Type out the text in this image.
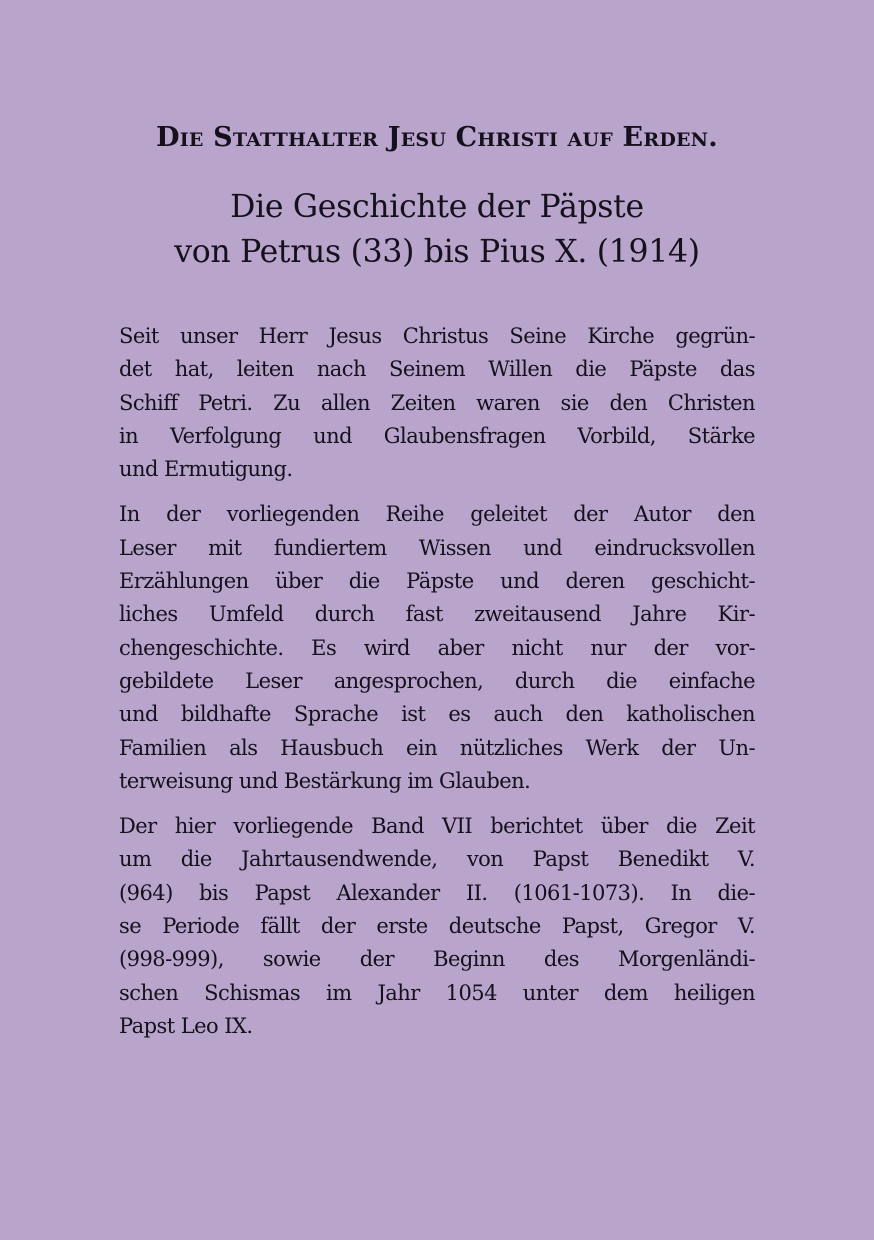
Die Statthalter Jesu Christi auf Erden.
Die Geschichte der Päpste
von Petrus (33) bis Pius X. (1914)

Seit unser Herr Jesus Christus Seine Kirche gegrün-
det hat, leiten nach Seinem Willen die Päpste das
Schiff Petri. Zu allen Zeiten waren sie den Christen
in Verfolgung und Glaubensfragen Vorbild, Stärke
und Ermutigung.

In der vorliegenden Reihe geleitet der Autor den
Leser mit fundiertem Wissen und eindrucksvollen
Erzählungen über die Päpste und deren geschicht-
liches Umfeld durch fast zweitausend Jahre Kir-
chengeschichte. Es wird aber nicht nur der vor-
gebildete Leser angesprochen, durch die einfache
und bildhafte Sprache ist es auch den katholischen
Familien als Hausbuch ein nützliches Werk der Un-
terweisung und Bestärkung im Glauben.

Der hier vorliegende Band VII berichtet über die Zeit
um die Jahrtausendwende, von Papst Benedikt V.
(964) bis Papst Alexander II. (1061-1073). In die-
se Periode fällt der erste deutsche Papst, Gregor V.
(998-999), sowie der Beginn des Morgenländi-
schen Schismas im Jahr 1054 unter dem heiligen
Papst Leo IX.
